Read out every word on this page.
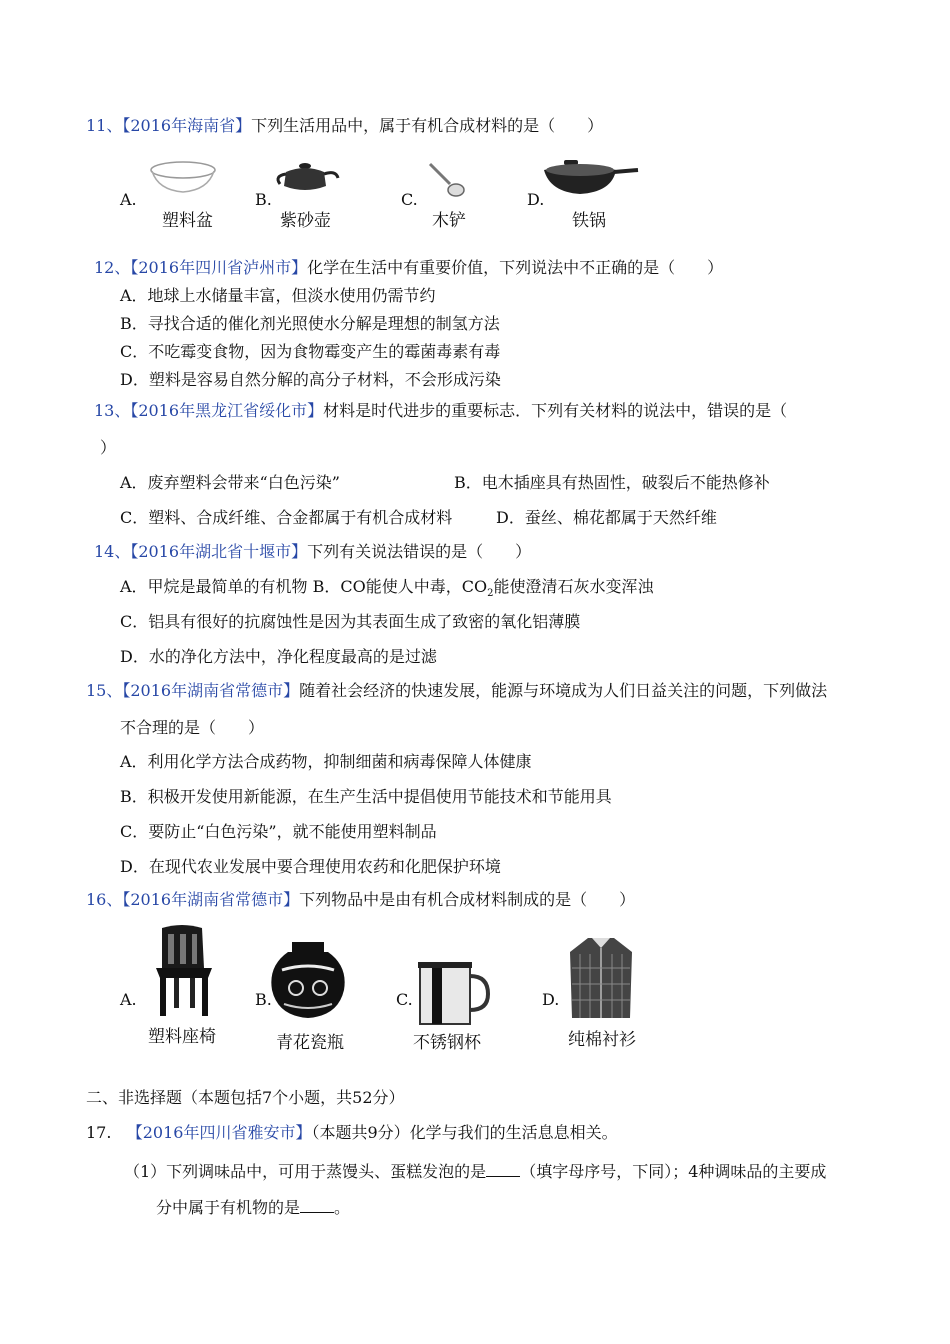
11、【2016年海南省】下列生活用品中，属于有机合成材料的是（　　）
A.
塑料盆
B.
紫砂壶
C.
木铲
D.
铁锅
12、【2016年四川省泸州市】化学在生活中有重要价值，下列说法中不正确的是（　　）
A．地球上水储量丰富，但淡水使用仍需节约
B．寻找合适的催化剂光照使水分解是理想的制氢方法
C．不吃霉变食物，因为食物霉变产生的霉菌毒素有毒
D．塑料是容易自然分解的高分子材料，不会形成污染
13、【2016年黑龙江省绥化市】材料是时代进步的重要标志．下列有关材料的说法中，错误的是（
）
A．废弃塑料会带来“白色污染”	B．电木插座具有热固性，破裂后不能热修补
C．塑料、合成纤维、合金都属于有机合成材料	D．蚕丝、棉花都属于天然纤维
14、【2016年湖北省十堰市】下列有关说法错误的是（　　）
A．甲烷是最简单的有机物 B．CO能使人中毒，$CO_2$能使澄清石灰水变浑浊
C．铝具有很好的抗腐蚀性是因为其表面生成了致密的氧化铝薄膜
D．水的净化方法中，净化程度最高的是过滤
15、【2016年湖南省常德市】随着社会经济的快速发展，能源与环境成为人们日益关注的问题，下列做法
不合理的是（　　）
A．利用化学方法合成药物，抑制细菌和病毒保障人体健康
B．积极开发使用新能源，在生产生活中提倡使用节能技术和节能用具
C．要防止“白色污染”，就不能使用塑料制品
D．在现代农业发展中要合理使用农药和化肥保护环境
16、【2016年湖南省常德市】下列物品中是由有机合成材料制成的是（　　）
A.
塑料座椅
B.
青花瓷瓶
C.
不锈钢杯
D.
纯棉衬衫
二、非选择题（本题包括7个小题，共52分）
17. 【2016年四川省雅安市】（本题共9分）化学与我们的生活息息相关。
（1）下列调味品中，可用于蒸馒头、蛋糕发泡的是 （填字母序号，下同）；4种调味品的主要成
分中属于有机物的是 。
